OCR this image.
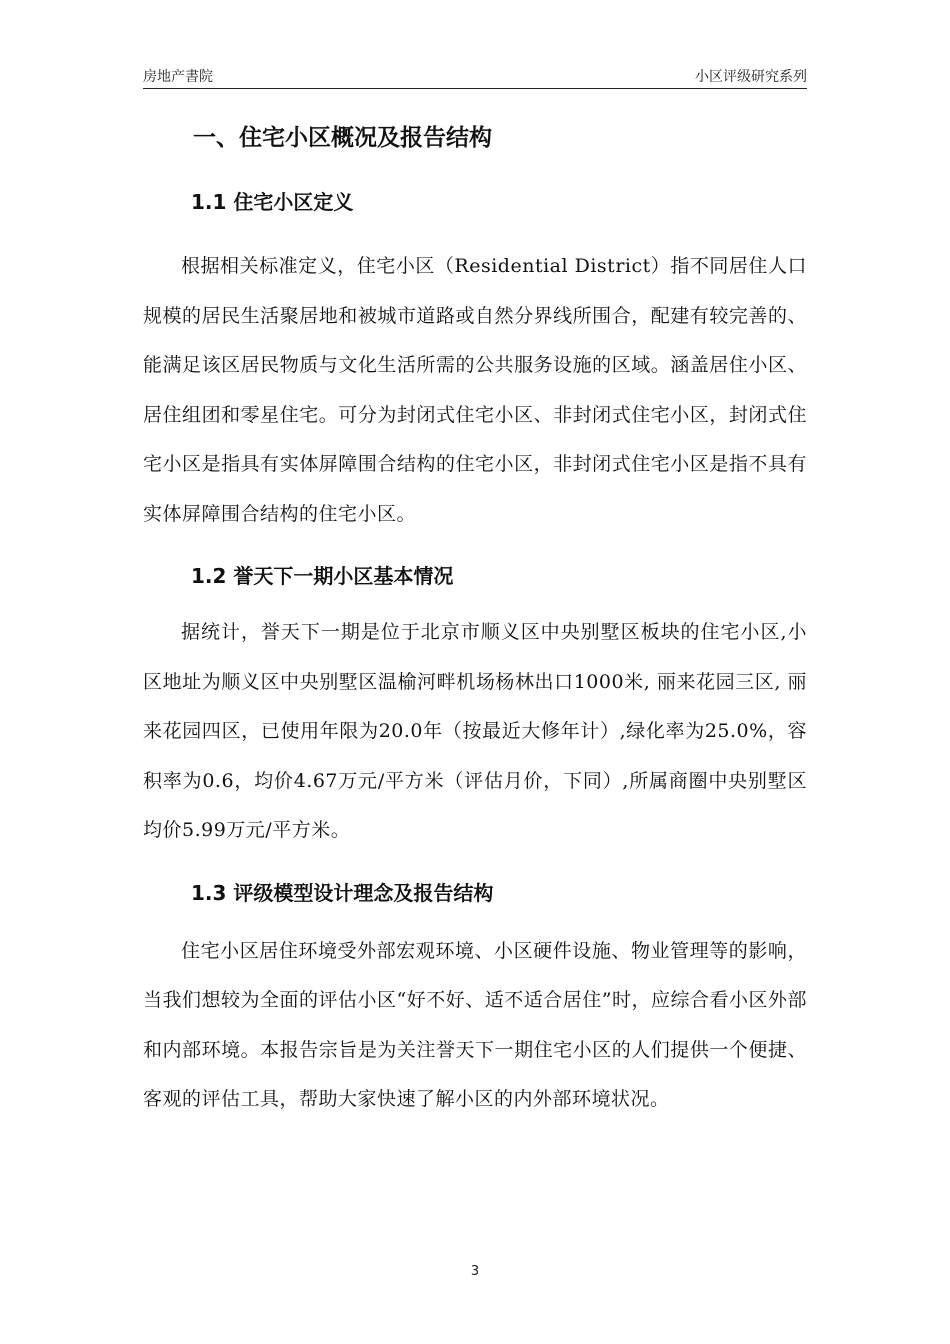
房地产書院	小区评级研究系列
一、住宅小区概况及报告结构
1.1 住宅小区定义

根据相关标准定义，住宅小区（Residential District）指不同居住人口规模的居民生活聚居地和被城市道路或自然分界线所围合，配建有较完善的、能满足该区居民物质与文化生活所需的公共服务设施的区域。涵盖居住小区、居住组团和零星住宅。可分为封闭式住宅小区、非封闭式住宅小区，封闭式住宅小区是指具有实体屏障围合结构的住宅小区，非封闭式住宅小区是指不具有实体屏障围合结构的住宅小区。

1.2 誉天下一期小区基本情况

据统计，誉天下一期是位于北京市顺义区中央别墅区板块的住宅小区,小区地址为顺义区中央别墅区温榆河畔机场杨林出口1000米, 丽来花园三区, 丽来花园四区，已使用年限为20.0年（按最近大修年计）,绿化率为25.0%，容积率为0.6，均价4.67万元/平方米（评估月价，下同）,所属商圈中央别墅区均价5.99万元/平方米。

1.3 评级模型设计理念及报告结构

住宅小区居住环境受外部宏观环境、小区硬件设施、物业管理等的影响，当我们想较为全面的评估小区“好不好、适不适合居住”时，应综合看小区外部和内部环境。本报告宗旨是为关注誉天下一期住宅小区的人们提供一个便捷、客观的评估工具，帮助大家快速了解小区的内外部环境状况。

3
